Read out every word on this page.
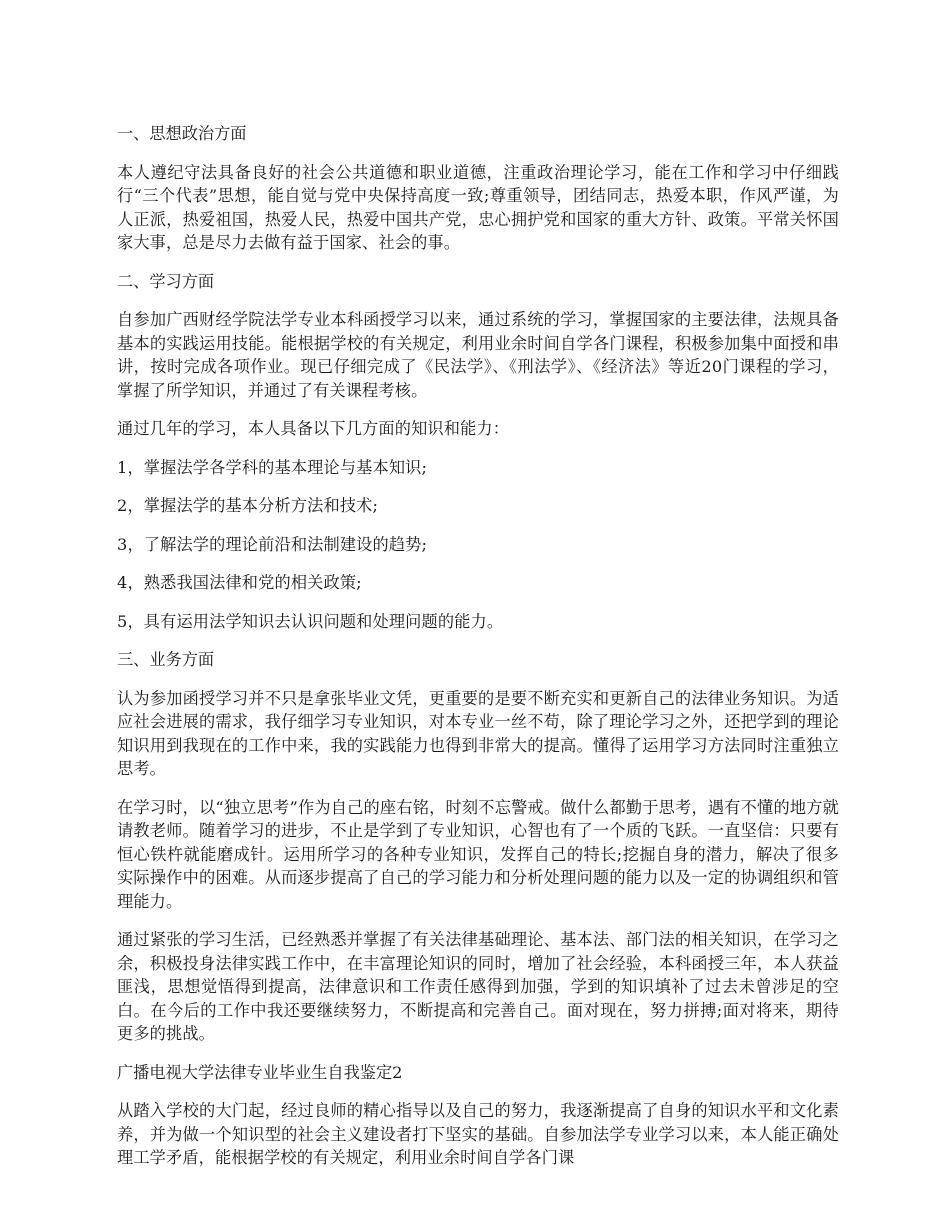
一、思想政治方面
本人遵纪守法具备良好的社会公共道德和职业道德，注重政治理论学习，能在工作和学习中仔细践行“三个代表”思想，能自觉与党中央保持高度一致;尊重领导，团结同志，热爱本职，作风严谨，为人正派，热爱祖国，热爱人民，热爱中国共产党，忠心拥护党和国家的重大方针、政策。平常关怀国家大事，总是尽力去做有益于国家、社会的事。
二、学习方面
自参加广西财经学院法学专业本科函授学习以来，通过系统的学习，掌握国家的主要法律，法规具备基本的实践运用技能。能根据学校的有关规定，利用业余时间自学各门课程，积极参加集中面授和串讲，按时完成各项作业。现已仔细完成了《民法学》、《刑法学》、《经济法》等近20门课程的学习，掌握了所学知识，并通过了有关课程考核。
通过几年的学习，本人具备以下几方面的知识和能力：
1，掌握法学各学科的基本理论与基本知识;
2，掌握法学的基本分析方法和技术;
3，了解法学的理论前沿和法制建设的趋势;
4，熟悉我国法律和党的相关政策;
5，具有运用法学知识去认识问题和处理问题的能力。
三、业务方面
认为参加函授学习并不只是拿张毕业文凭，更重要的是要不断充实和更新自己的法律业务知识。为适应社会进展的需求，我仔细学习专业知识，对本专业一丝不苟，除了理论学习之外，还把学到的理论知识用到我现在的工作中来，我的实践能力也得到非常大的提高。懂得了运用学习方法同时注重独立思考。
在学习时，以“独立思考”作为自己的座右铭，时刻不忘警戒。做什么都勤于思考，遇有不懂的地方就请教老师。随着学习的进步，不止是学到了专业知识，心智也有了一个质的飞跃。一直坚信：只要有恒心铁杵就能磨成针。运用所学习的各种专业知识，发挥自己的特长;挖掘自身的潜力，解决了很多实际操作中的困难。从而逐步提高了自己的学习能力和分析处理问题的能力以及一定的协调组织和管理能力。
通过紧张的学习生活，已经熟悉并掌握了有关法律基础理论、基本法、部门法的相关知识，在学习之余，积极投身法律实践工作中，在丰富理论知识的同时，增加了社会经验，本科函授三年，本人获益匪浅，思想觉悟得到提高，法律意识和工作责任感得到加强，学到的知识填补了过去未曾涉足的空白。在今后的工作中我还要继续努力，不断提高和完善自己。面对现在，努力拼搏;面对将来，期待更多的挑战。
广播电视大学法律专业毕业生自我鉴定2
从踏入学校的大门起，经过良师的精心指导以及自己的努力，我逐渐提高了自身的知识水平和文化素养，并为做一个知识型的社会主义建设者打下坚实的基础。自参加法学专业学习以来，本人能正确处理工学矛盾，能根据学校的有关规定，利用业余时间自学各门课
